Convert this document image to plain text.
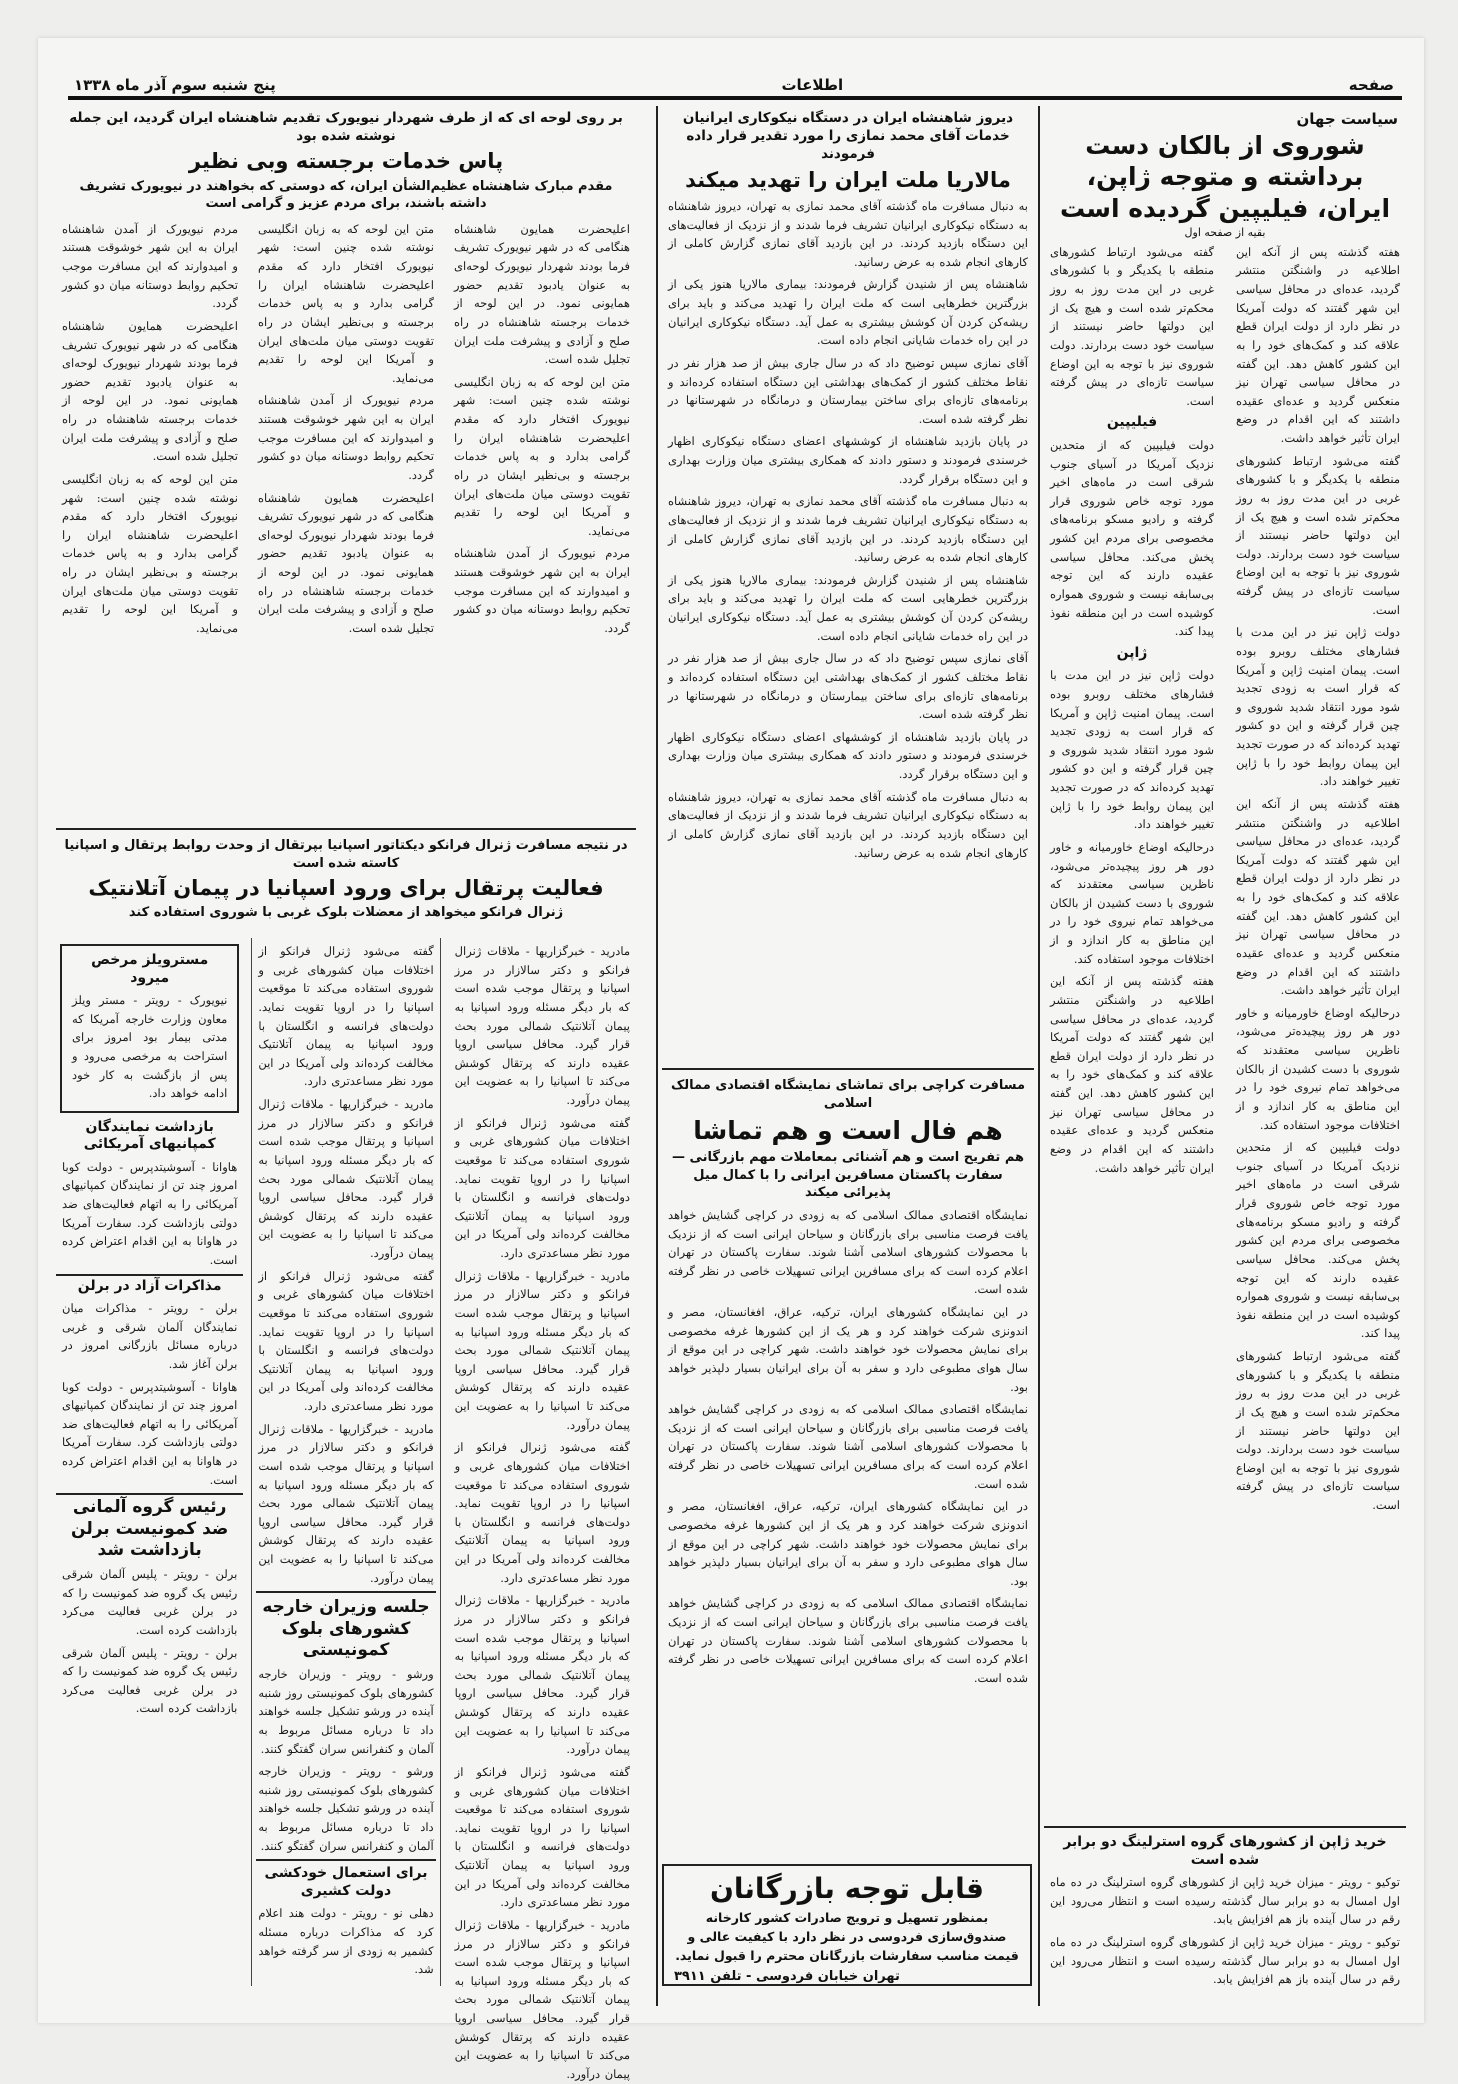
صفحه
اطلاعات
پنج شنبه سوم آذر ماه ۱۳۳۸
سیاست جهان
شوروی از بالکان دست برداشته و متوجه ژاپن، ایران، فیلیپین گردیده است
بقیه از صفحه اول
هفته گذشته پس از آنکه این اطلاعیه در واشنگتن منتشر گردید، عده‌ای در محافل سیاسی این شهر گفتند که دولت آمریکا در نظر دارد از دولت ایران قطع علاقه کند و کمک‌های خود را به این کشور کاهش دهد. این گفته در محافل سیاسی تهران نیز منعکس گردید و عده‌ای عقیده داشتند که این اقدام در وضع ایران تأثیر خواهد داشت.
گفته می‌شود ارتباط کشورهای منطقه با یکدیگر و با کشورهای غربی در این مدت روز به روز محکم‌تر شده است و هیچ یک از این دولتها حاضر نیستند از سیاست خود دست بردارند. دولت شوروی نیز با توجه به این اوضاع سیاست تازه‌ای در پیش گرفته است.
دولت ژاپن نیز در این مدت با فشارهای مختلف روبرو بوده است. پیمان امنیت ژاپن و آمریکا که قرار است به زودی تجدید شود مورد انتقاد شدید شوروی و چین قرار گرفته و این دو کشور تهدید کرده‌اند که در صورت تجدید این پیمان روابط خود را با ژاپن تغییر خواهند داد.
هفته گذشته پس از آنکه این اطلاعیه در واشنگتن منتشر گردید، عده‌ای در محافل سیاسی این شهر گفتند که دولت آمریکا در نظر دارد از دولت ایران قطع علاقه کند و کمک‌های خود را به این کشور کاهش دهد. این گفته در محافل سیاسی تهران نیز منعکس گردید و عده‌ای عقیده داشتند که این اقدام در وضع ایران تأثیر خواهد داشت.
درحالیکه اوضاع خاورمیانه و خاور دور هر روز پیچیده‌تر می‌شود، ناظرین سیاسی معتقدند که شوروی با دست کشیدن از بالکان می‌خواهد تمام نیروی خود را در این مناطق به کار اندازد و از اختلافات موجود استفاده کند.
دولت فیلیپین که از متحدین نزدیک آمریکا در آسیای جنوب شرقی است در ماه‌های اخیر مورد توجه خاص شوروی قرار گرفته و رادیو مسکو برنامه‌های مخصوصی برای مردم این کشور پخش می‌کند. محافل سیاسی عقیده دارند که این توجه بی‌سابقه نیست و شوروی همواره کوشیده است در این منطقه نفوذ پیدا کند.
گفته می‌شود ارتباط کشورهای منطقه با یکدیگر و با کشورهای غربی در این مدت روز به روز محکم‌تر شده است و هیچ یک از این دولتها حاضر نیستند از سیاست خود دست بردارند. دولت شوروی نیز با توجه به این اوضاع سیاست تازه‌ای در پیش گرفته است.
گفته می‌شود ارتباط کشورهای منطقه با یکدیگر و با کشورهای غربی در این مدت روز به روز محکم‌تر شده است و هیچ یک از این دولتها حاضر نیستند از سیاست خود دست بردارند. دولت شوروی نیز با توجه به این اوضاع سیاست تازه‌ای در پیش گرفته است.
فیلیپین
دولت فیلیپین که از متحدین نزدیک آمریکا در آسیای جنوب شرقی است در ماه‌های اخیر مورد توجه خاص شوروی قرار گرفته و رادیو مسکو برنامه‌های مخصوصی برای مردم این کشور پخش می‌کند. محافل سیاسی عقیده دارند که این توجه بی‌سابقه نیست و شوروی همواره کوشیده است در این منطقه نفوذ پیدا کند.
ژاپن
دولت ژاپن نیز در این مدت با فشارهای مختلف روبرو بوده است. پیمان امنیت ژاپن و آمریکا که قرار است به زودی تجدید شود مورد انتقاد شدید شوروی و چین قرار گرفته و این دو کشور تهدید کرده‌اند که در صورت تجدید این پیمان روابط خود را با ژاپن تغییر خواهند داد.
درحالیکه اوضاع خاورمیانه و خاور دور هر روز پیچیده‌تر می‌شود، ناظرین سیاسی معتقدند که شوروی با دست کشیدن از بالکان می‌خواهد تمام نیروی خود را در این مناطق به کار اندازد و از اختلافات موجود استفاده کند.
هفته گذشته پس از آنکه این اطلاعیه در واشنگتن منتشر گردید، عده‌ای در محافل سیاسی این شهر گفتند که دولت آمریکا در نظر دارد از دولت ایران قطع علاقه کند و کمک‌های خود را به این کشور کاهش دهد. این گفته در محافل سیاسی تهران نیز منعکس گردید و عده‌ای عقیده داشتند که این اقدام در وضع ایران تأثیر خواهد داشت.
خرید ژاپن از کشورهای گروه استرلینگ دو برابر شده است
توکیو - رویتر - میزان خرید ژاپن از کشورهای گروه استرلینگ در ده ماه اول امسال به دو برابر سال گذشته رسیده است و انتظار می‌رود این رقم در سال آینده باز هم افزایش یابد.
توکیو - رویتر - میزان خرید ژاپن از کشورهای گروه استرلینگ در ده ماه اول امسال به دو برابر سال گذشته رسیده است و انتظار می‌رود این رقم در سال آینده باز هم افزایش یابد.
دیروز شاهنشاه ایران در دستگاه نیکوکاری ایرانیان خدمات آقای محمد نمازی را مورد تقدیر قرار داده فرمودند
مالاریا ملت ایران را تهدید میکند
به دنبال مسافرت ماه گذشته آقای محمد نمازی به تهران، دیروز شاهنشاه به دستگاه نیکوکاری ایرانیان تشریف فرما شدند و از نزدیک از فعالیت‌های این دستگاه بازدید کردند. در این بازدید آقای نمازی گزارش کاملی از کارهای انجام شده به عرض رسانید.
شاهنشاه پس از شنیدن گزارش فرمودند: بیماری مالاریا هنوز یکی از بزرگترین خطرهایی است که ملت ایران را تهدید می‌کند و باید برای ریشه‌کن کردن آن کوشش بیشتری به عمل آید. دستگاه نیکوکاری ایرانیان در این راه خدمات شایانی انجام داده است.
آقای نمازی سپس توضیح داد که در سال جاری بیش از صد هزار نفر در نقاط مختلف کشور از کمک‌های بهداشتی این دستگاه استفاده کرده‌اند و برنامه‌های تازه‌ای برای ساختن بیمارستان و درمانگاه در شهرستانها در نظر گرفته شده است.
در پایان بازدید شاهنشاه از کوششهای اعضای دستگاه نیکوکاری اظهار خرسندی فرمودند و دستور دادند که همکاری بیشتری میان وزارت بهداری و این دستگاه برقرار گردد.
به دنبال مسافرت ماه گذشته آقای محمد نمازی به تهران، دیروز شاهنشاه به دستگاه نیکوکاری ایرانیان تشریف فرما شدند و از نزدیک از فعالیت‌های این دستگاه بازدید کردند. در این بازدید آقای نمازی گزارش کاملی از کارهای انجام شده به عرض رسانید.
شاهنشاه پس از شنیدن گزارش فرمودند: بیماری مالاریا هنوز یکی از بزرگترین خطرهایی است که ملت ایران را تهدید می‌کند و باید برای ریشه‌کن کردن آن کوشش بیشتری به عمل آید. دستگاه نیکوکاری ایرانیان در این راه خدمات شایانی انجام داده است.
آقای نمازی سپس توضیح داد که در سال جاری بیش از صد هزار نفر در نقاط مختلف کشور از کمک‌های بهداشتی این دستگاه استفاده کرده‌اند و برنامه‌های تازه‌ای برای ساختن بیمارستان و درمانگاه در شهرستانها در نظر گرفته شده است.
در پایان بازدید شاهنشاه از کوششهای اعضای دستگاه نیکوکاری اظهار خرسندی فرمودند و دستور دادند که همکاری بیشتری میان وزارت بهداری و این دستگاه برقرار گردد.
به دنبال مسافرت ماه گذشته آقای محمد نمازی به تهران، دیروز شاهنشاه به دستگاه نیکوکاری ایرانیان تشریف فرما شدند و از نزدیک از فعالیت‌های این دستگاه بازدید کردند. در این بازدید آقای نمازی گزارش کاملی از کارهای انجام شده به عرض رسانید.
مسافرت کراچی برای تماشای نمایشگاه اقتصادی ممالک اسلامی
هم فال است و هم تماشا
هم تفریح است و هم آشنائی بمعاملات مهم بازرگانی — سفارت پاکستان مسافرین ایرانی را با کمال میل پذیرائی میکند
نمایشگاه اقتصادی ممالک اسلامی که به زودی در کراچی گشایش خواهد یافت فرصت مناسبی برای بازرگانان و سیاحان ایرانی است که از نزدیک با محصولات کشورهای اسلامی آشنا شوند. سفارت پاکستان در تهران اعلام کرده است که برای مسافرین ایرانی تسهیلات خاصی در نظر گرفته شده است.
در این نمایشگاه کشورهای ایران، ترکیه، عراق، افغانستان، مصر و اندونزی شرکت خواهند کرد و هر یک از این کشورها غرفه مخصوصی برای نمایش محصولات خود خواهند داشت. شهر کراچی در این موقع از سال هوای مطبوعی دارد و سفر به آن برای ایرانیان بسیار دلپذیر خواهد بود.
نمایشگاه اقتصادی ممالک اسلامی که به زودی در کراچی گشایش خواهد یافت فرصت مناسبی برای بازرگانان و سیاحان ایرانی است که از نزدیک با محصولات کشورهای اسلامی آشنا شوند. سفارت پاکستان در تهران اعلام کرده است که برای مسافرین ایرانی تسهیلات خاصی در نظر گرفته شده است.
در این نمایشگاه کشورهای ایران، ترکیه، عراق، افغانستان، مصر و اندونزی شرکت خواهند کرد و هر یک از این کشورها غرفه مخصوصی برای نمایش محصولات خود خواهند داشت. شهر کراچی در این موقع از سال هوای مطبوعی دارد و سفر به آن برای ایرانیان بسیار دلپذیر خواهد بود.
نمایشگاه اقتصادی ممالک اسلامی که به زودی در کراچی گشایش خواهد یافت فرصت مناسبی برای بازرگانان و سیاحان ایرانی است که از نزدیک با محصولات کشورهای اسلامی آشنا شوند. سفارت پاکستان در تهران اعلام کرده است که برای مسافرین ایرانی تسهیلات خاصی در نظر گرفته شده است.
قابل توجه بازرگانان
بمنظور تسهیل و ترویج صادرات کشور کارخانه صندوق‌سازی فردوسی در نظر دارد با کیفیت عالی و قیمت مناسب سفارشات بازرگانان محترم را قبول نماید.
تهران خیابان فردوسی - تلفن ۳۹۱۱
بر روی لوحه ای که از طرف شهردار نیویورک تقدیم شاهنشاه ایران گردید، این جمله نوشته شده بود
پاس خدمات برجسته وبی نظیر
مقدم مبارک شاهنشاه عظیم‌الشأن ایران، که دوستی که بخواهند در نیویورک تشریف داشته باشند، برای مردم عزیز و گرامی است
اعلیحضرت همایون شاهنشاه هنگامی که در شهر نیویورک تشریف فرما بودند شهردار نیویورک لوحه‌ای به عنوان یادبود تقدیم حضور همایونی نمود. در این لوحه از خدمات برجسته شاهنشاه در راه صلح و آزادی و پیشرفت ملت ایران تجلیل شده است.
متن این لوحه که به زبان انگلیسی نوشته شده چنین است: شهر نیویورک افتخار دارد که مقدم اعلیحضرت شاهنشاه ایران را گرامی بدارد و به پاس خدمات برجسته و بی‌نظیر ایشان در راه تقویت دوستی میان ملت‌های ایران و آمریکا این لوحه را تقدیم می‌نماید.
مردم نیویورک از آمدن شاهنشاه ایران به این شهر خوشوقت هستند و امیدوارند که این مسافرت موجب تحکیم روابط دوستانه میان دو کشور گردد.
متن این لوحه که به زبان انگلیسی نوشته شده چنین است: شهر نیویورک افتخار دارد که مقدم اعلیحضرت شاهنشاه ایران را گرامی بدارد و به پاس خدمات برجسته و بی‌نظیر ایشان در راه تقویت دوستی میان ملت‌های ایران و آمریکا این لوحه را تقدیم می‌نماید.
مردم نیویورک از آمدن شاهنشاه ایران به این شهر خوشوقت هستند و امیدوارند که این مسافرت موجب تحکیم روابط دوستانه میان دو کشور گردد.
اعلیحضرت همایون شاهنشاه هنگامی که در شهر نیویورک تشریف فرما بودند شهردار نیویورک لوحه‌ای به عنوان یادبود تقدیم حضور همایونی نمود. در این لوحه از خدمات برجسته شاهنشاه در راه صلح و آزادی و پیشرفت ملت ایران تجلیل شده است.
مردم نیویورک از آمدن شاهنشاه ایران به این شهر خوشوقت هستند و امیدوارند که این مسافرت موجب تحکیم روابط دوستانه میان دو کشور گردد.
اعلیحضرت همایون شاهنشاه هنگامی که در شهر نیویورک تشریف فرما بودند شهردار نیویورک لوحه‌ای به عنوان یادبود تقدیم حضور همایونی نمود. در این لوحه از خدمات برجسته شاهنشاه در راه صلح و آزادی و پیشرفت ملت ایران تجلیل شده است.
متن این لوحه که به زبان انگلیسی نوشته شده چنین است: شهر نیویورک افتخار دارد که مقدم اعلیحضرت شاهنشاه ایران را گرامی بدارد و به پاس خدمات برجسته و بی‌نظیر ایشان در راه تقویت دوستی میان ملت‌های ایران و آمریکا این لوحه را تقدیم می‌نماید.
در نتیجه مسافرت ژنرال فرانکو دیکتاتور اسپانیا بپرتقال از وحدت روابط پرتقال و اسپانیا کاسته شده است
فعالیت پرتقال برای ورود اسپانیا در پیمان آتلانتیک
ژنرال فرانکو میخواهد از معضلات بلوک غربی با شوروی استفاده کند
مادرید - خبرگزاریها - ملاقات ژنرال فرانکو و دکتر سالازار در مرز اسپانیا و پرتقال موجب شده است که بار دیگر مسئله ورود اسپانیا به پیمان آتلانتیک شمالی مورد بحث قرار گیرد. محافل سیاسی اروپا عقیده دارند که پرتقال کوشش می‌کند تا اسپانیا را به عضویت این پیمان درآورد.
گفته می‌شود ژنرال فرانکو از اختلافات میان کشورهای غربی و شوروی استفاده می‌کند تا موقعیت اسپانیا را در اروپا تقویت نماید. دولت‌های فرانسه و انگلستان با ورود اسپانیا به پیمان آتلانتیک مخالفت کرده‌اند ولی آمریکا در این مورد نظر مساعدتری دارد.
مادرید - خبرگزاریها - ملاقات ژنرال فرانکو و دکتر سالازار در مرز اسپانیا و پرتقال موجب شده است که بار دیگر مسئله ورود اسپانیا به پیمان آتلانتیک شمالی مورد بحث قرار گیرد. محافل سیاسی اروپا عقیده دارند که پرتقال کوشش می‌کند تا اسپانیا را به عضویت این پیمان درآورد.
گفته می‌شود ژنرال فرانکو از اختلافات میان کشورهای غربی و شوروی استفاده می‌کند تا موقعیت اسپانیا را در اروپا تقویت نماید. دولت‌های فرانسه و انگلستان با ورود اسپانیا به پیمان آتلانتیک مخالفت کرده‌اند ولی آمریکا در این مورد نظر مساعدتری دارد.
مادرید - خبرگزاریها - ملاقات ژنرال فرانکو و دکتر سالازار در مرز اسپانیا و پرتقال موجب شده است که بار دیگر مسئله ورود اسپانیا به پیمان آتلانتیک شمالی مورد بحث قرار گیرد. محافل سیاسی اروپا عقیده دارند که پرتقال کوشش می‌کند تا اسپانیا را به عضویت این پیمان درآورد.
گفته می‌شود ژنرال فرانکو از اختلافات میان کشورهای غربی و شوروی استفاده می‌کند تا موقعیت اسپانیا را در اروپا تقویت نماید. دولت‌های فرانسه و انگلستان با ورود اسپانیا به پیمان آتلانتیک مخالفت کرده‌اند ولی آمریکا در این مورد نظر مساعدتری دارد.
مادرید - خبرگزاریها - ملاقات ژنرال فرانکو و دکتر سالازار در مرز اسپانیا و پرتقال موجب شده است که بار دیگر مسئله ورود اسپانیا به پیمان آتلانتیک شمالی مورد بحث قرار گیرد. محافل سیاسی اروپا عقیده دارند که پرتقال کوشش می‌کند تا اسپانیا را به عضویت این پیمان درآورد.
گفته می‌شود ژنرال فرانکو از اختلافات میان کشورهای غربی و شوروی استفاده می‌کند تا موقعیت اسپانیا را در اروپا تقویت نماید. دولت‌های فرانسه و انگلستان با ورود اسپانیا به پیمان آتلانتیک مخالفت کرده‌اند ولی آمریکا در این مورد نظر مساعدتری دارد.
مادرید - خبرگزاریها - ملاقات ژنرال فرانکو و دکتر سالازار در مرز اسپانیا و پرتقال موجب شده است که بار دیگر مسئله ورود اسپانیا به پیمان آتلانتیک شمالی مورد بحث قرار گیرد. محافل سیاسی اروپا عقیده دارند که پرتقال کوشش می‌کند تا اسپانیا را به عضویت این پیمان درآورد.
گفته می‌شود ژنرال فرانکو از اختلافات میان کشورهای غربی و شوروی استفاده می‌کند تا موقعیت اسپانیا را در اروپا تقویت نماید. دولت‌های فرانسه و انگلستان با ورود اسپانیا به پیمان آتلانتیک مخالفت کرده‌اند ولی آمریکا در این مورد نظر مساعدتری دارد.
مادرید - خبرگزاریها - ملاقات ژنرال فرانکو و دکتر سالازار در مرز اسپانیا و پرتقال موجب شده است که بار دیگر مسئله ورود اسپانیا به پیمان آتلانتیک شمالی مورد بحث قرار گیرد. محافل سیاسی اروپا عقیده دارند که پرتقال کوشش می‌کند تا اسپانیا را به عضویت این پیمان درآورد.
جلسه وزیران خارجه کشورهای بلوک کمونیستی
ورشو - رویتر - وزیران خارجه کشورهای بلوک کمونیستی روز شنبه آینده در ورشو تشکیل جلسه خواهند داد تا درباره مسائل مربوط به آلمان و کنفرانس سران گفتگو کنند.
ورشو - رویتر - وزیران خارجه کشورهای بلوک کمونیستی روز شنبه آینده در ورشو تشکیل جلسه خواهند داد تا درباره مسائل مربوط به آلمان و کنفرانس سران گفتگو کنند.
برای استعمال خودکشی دولت کشیری
دهلی نو - رویتر - دولت هند اعلام کرد که مذاکرات درباره مسئله کشمیر به زودی از سر گرفته خواهد شد.
مسترویلز مرخص میرود
نیویورک - رویتر - مستر ویلز معاون وزارت خارجه آمریکا که مدتی بیمار بود امروز برای استراحت به مرخصی می‌رود و پس از بازگشت به کار خود ادامه خواهد داد.
بازداشت نمایندگان کمپانیهای آمریکائی
هاوانا - آسوشیتدپرس - دولت کوبا امروز چند تن از نمایندگان کمپانیهای آمریکائی را به اتهام فعالیت‌های ضد دولتی بازداشت کرد. سفارت آمریکا در هاوانا به این اقدام اعتراض کرده است.
مذاکرات آزاد در برلن
برلن - رویتر - مذاکرات میان نمایندگان آلمان شرقی و غربی درباره مسائل بازرگانی امروز در برلن آغاز شد.
هاوانا - آسوشیتدپرس - دولت کوبا امروز چند تن از نمایندگان کمپانیهای آمریکائی را به اتهام فعالیت‌های ضد دولتی بازداشت کرد. سفارت آمریکا در هاوانا به این اقدام اعتراض کرده است.
رئیس گروه آلمانی ضد کمونیست برلن بازداشت شد
برلن - رویتر - پلیس آلمان شرقی رئیس یک گروه ضد کمونیست را که در برلن غربی فعالیت می‌کرد بازداشت کرده است.
برلن - رویتر - پلیس آلمان شرقی رئیس یک گروه ضد کمونیست را که در برلن غربی فعالیت می‌کرد بازداشت کرده است.
